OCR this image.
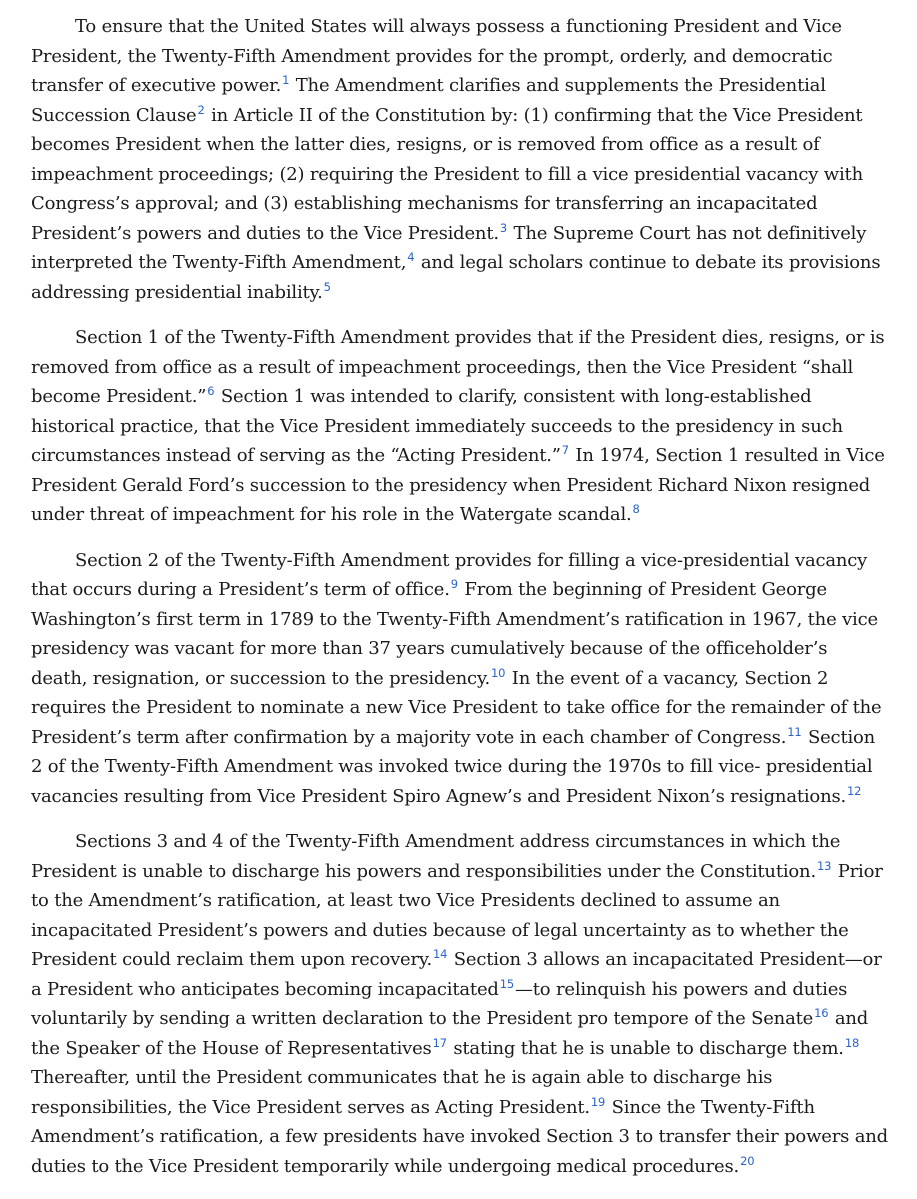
To ensure that the United States will always possess a functioning President and Vice President, the Twenty-Fifth Amendment provides for the prompt, orderly, and democratic transfer of executive power.$^1$ The Amendment clarifies and supplements the Presidential Succession Clause$^2$ in Article II of the Constitution by: (1) confirming that the Vice President becomes President when the latter dies, resigns, or is removed from office as a result of impeachment proceedings; (2) requiring the President to fill a vice presidential vacancy with Congress’s approval; and (3) establishing mechanisms for transferring an incapacitated President’s powers and duties to the Vice President.$^3$ The Supreme Court has not definitively interpreted the Twenty-Fifth Amendment,$^4$ and legal scholars continue to debate its provisions addressing presidential inability.$^5$

Section 1 of the Twenty-Fifth Amendment provides that if the President dies, resigns, or is removed from office as a result of impeachment proceedings, then the Vice President “shall become President.”$^6$ Section 1 was intended to clarify, consistent with long-established historical practice, that the Vice President immediately succeeds to the presidency in such circumstances instead of serving as the “Acting President.”$^7$ In 1974, Section 1 resulted in Vice President Gerald Ford’s succession to the presidency when President Richard Nixon resigned under threat of impeachment for his role in the Watergate scandal.$^8$

Section 2 of the Twenty-Fifth Amendment provides for filling a vice-presidential vacancy that occurs during a President’s term of office.$^9$ From the beginning of President George Washington’s first term in 1789 to the Twenty-Fifth Amendment’s ratification in 1967, the vice presidency was vacant for more than 37 years cumulatively because of the officeholder’s death, resignation, or succession to the presidency.$^{10}$ In the event of a vacancy, Section 2 requires the President to nominate a new Vice President to take office for the remainder of the President’s term after confirmation by a majority vote in each chamber of Congress.$^{11}$ Section 2 of the Twenty-Fifth Amendment was invoked twice during the 1970s to fill vice- presidential vacancies resulting from Vice President Spiro Agnew’s and President Nixon’s resignations.$^{12}$

Sections 3 and 4 of the Twenty-Fifth Amendment address circumstances in which the President is unable to discharge his powers and responsibilities under the Constitution.$^{13}$ Prior to the Amendment’s ratification, at least two Vice Presidents declined to assume an incapacitated President’s powers and duties because of legal uncertainty as to whether the President could reclaim them upon recovery.$^{14}$ Section 3 allows an incapacitated President—or a President who anticipates becoming incapacitated$^{15}$—to relinquish his powers and duties voluntarily by sending a written declaration to the President pro tempore of the Senate$^{16}$ and the Speaker of the House of Representatives$^{17}$ stating that he is unable to discharge them.$^{18}$ Thereafter, until the President communicates that he is again able to discharge his responsibilities, the Vice President serves as Acting President.$^{19}$ Since the Twenty-Fifth Amendment’s ratification, a few presidents have invoked Section 3 to transfer their powers and duties to the Vice President temporarily while undergoing medical procedures.$^{20}$
